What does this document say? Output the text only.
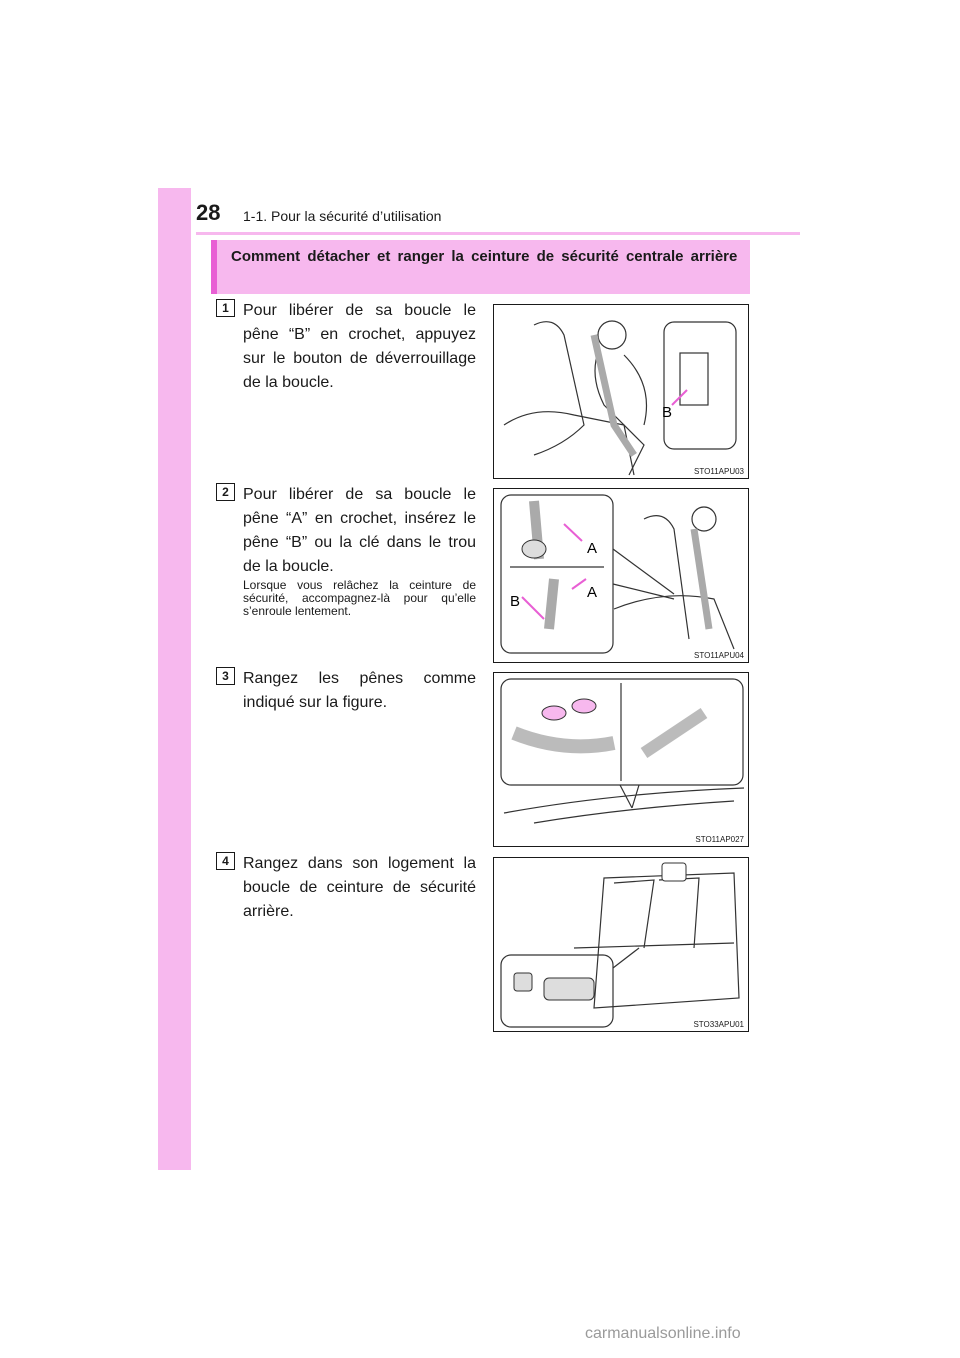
28 1-1. Pour la sécurité d’utilisation
Comment détacher et ranger la ceinture de sécurité centrale arrière
1 Pour libérer de sa boucle le pêne “B” en crochet, appuyez sur le bouton de déverrouillage de la boucle.
B
STO11APU03
2 Pour libérer de sa boucle le pêne “A” en crochet, insérez le pêne “B” ou la clé dans le trou de la boucle.
Lorsque vous relâchez la ceinture de sécurité, accompagnez-là pour qu’elle s’enroule lentement.
A
B
A
STO11APU04
3 Rangez les pênes comme indiqué sur la figure.
STO11AP027
4 Rangez dans son logement la boucle de ceinture de sécurité arrière.
STO33APU01
carmanualsonline.info
